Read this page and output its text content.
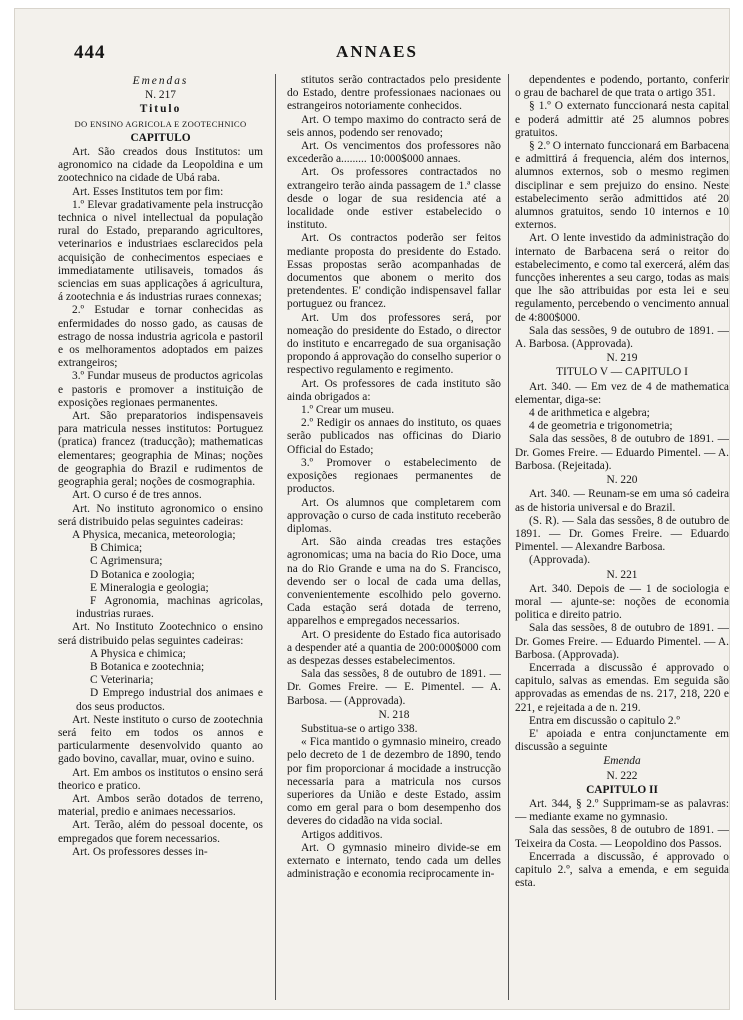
444	ANNAES

Emendas

N. 217

Titulo

DO ENSINO AGRICOLA E ZOOTECHNICO

CAPITULO

Art. São creados dous Institutos: um agronomico na cidade da Leopoldina e um zootechnico na cidade de Ubá raba.

Art. Esses Institutos tem por fim:

1.º Elevar gradativamente pela instrucção technica o nivel intellectual da população rural do Estado, preparando agricultores, veterinarios e industriaes esclarecidos pela acquisição de conhecimentos especiaes e immediatamente utilisaveis, tomados ás sciencias em suas applicações á agricultura, á zootechnia e ás industrias ruraes connexas;

2.º Estudar e tornar conhecidas as enfermidades do nosso gado, as causas de estrago de nossa industria agricola e pastoril e os melhoramentos adoptados em paizes extrangeiros;

3.º Fundar museus de productos agricolas e pastoris e promover a instituição de exposições regionaes permanentes.

Art. São preparatorios indispensaveis para matricula nesses institutos: Portuguez (pratica) francez (traducção); mathematicas elementares; geographia de Minas; noções de geographia do Brazil e rudimentos de geographia geral; noções de cosmographia.

Art. O curso é de tres annos.

Art. No instituto agronomico o ensino será distribuido pelas seguintes cadeiras:

A Physica, mecanica, meteorologia;

B Chimica;

C Agrimensura;

D Botanica e zoologia;

E Mineralogia e geologia;

F Agronomia, machinas agricolas, industrias ruraes.

Art. No Instituto Zootechnico o ensino será distribuido pelas seguintes cadeiras:

A Physica e chimica;

B Botanica e zootechnia;

C Veterinaria;

D Emprego industrial dos animaes e dos seus productos.

Art. Neste instituto o curso de zootechnia será feito em todos os annos e particularmente desenvolvido quanto ao gado bovino, cavallar, muar, ovino e suino.

Art. Em ambos os institutos o ensino será theorico e pratico.

Art. Ambos serão dotados de terreno, material, predio e animaes necessarios.

Art. Terão, além do pessoal docente, os empregados que forem necessarios.

Art. Os professores desses in-

stitutos serão contractados pelo presidente do Estado, dentre professionaes nacionaes ou estrangeiros notoriamente conhecidos.

Art. O tempo maximo do contracto será de seis annos, podendo ser renovado;

Art. Os vencimentos dos professores não excederão a......... 10:000$000 annaes.

Art. Os professores contractados no extrangeiro terão ainda passagem de 1.ª classe desde o logar de sua residencia até a localidade onde estiver estabelecido o instituto.

Art. Os contractos poderão ser feitos mediante proposta do presidente do Estado. Essas propostas serão acompanhadas de documentos que abonem o merito dos pretendentes. E' condição indispensavel fallar portuguez ou francez.

Art. Um dos professores será, por nomeação do presidente do Estado, o director do instituto e encarregado de sua organisação propondo á approvação do conselho superior o respectivo regulamento e regimento.

Art. Os professores de cada instituto são ainda obrigados a:

1.º Crear um museu.

2.º Redigir os annaes do instituto, os quaes serão publicados nas officinas do Diario Official do Estado;

3.º Promover o estabelecimento de exposições regionaes permanentes de productos.

Art. Os alumnos que completarem com approvação o curso de cada instituto receberão diplomas.

Art. São ainda creadas tres estações agronomicas; uma na bacia do Rio Doce, uma na do Rio Grande e uma na do S. Francisco, devendo ser o local de cada uma dellas, convenientemente escolhido pelo governo. Cada estação será dotada de terreno, apparelhos e empregados necessarios.

Art. O presidente do Estado fica autorisado a despender até a quantia de 200:000$000 com as despezas desses estabelecimentos.

Sala das sessões, 8 de outubro de 1891. — Dr. Gomes Freire. — E. Pimentel. — A. Barbosa. — (Approvada).

N. 218

Substitua-se o artigo 338.

« Fica mantido o gymnasio mineiro, creado pelo decreto de 1 de dezembro de 1890, tendo por fim proporcionar á mocidade a instrucção necessaria para a matricula nos cursos superiores da União e deste Estado, assim como em geral para o bom desempenho dos deveres do cidadão na vida social.

Artigos additivos.

Art. O gymnasio mineiro divide-se em externato e internato, tendo cada um delles administração e economia reciprocamente in-

dependentes e podendo, portanto, conferir o grau de bacharel de que trata o artigo 351.

§ 1.º O externato funccionará nesta capital e poderá admittir até 25 alumnos pobres gratuitos.

§ 2.º O internato funccionará em Barbacena e admittirá á frequencia, além dos internos, alumnos externos, sob o mesmo regimen disciplinar e sem prejuizo do ensino. Neste estabelecimento serão admittidos até 20 alumnos gratuitos, sendo 10 internos e 10 externos.

Art. O lente investido da administração do internato de Barbacena será o reitor do estabelecimento, e como tal exercerá, além das funcções inherentes a seu cargo, todas as mais que lhe são attribuidas por esta lei e seu regulamento, percebendo o vencimento annual de 4:800$000.

Sala das sessões, 9 de outubro de 1891. — A. Barbosa. (Approvada).

N. 219

TITULO V — CAPITULO I

Art. 340. — Em vez de 4 de mathematica elementar, diga-se:

4 de arithmetica e algebra;

4 de geometria e trigonometria;

Sala das sessões, 8 de outubro de 1891. — Dr. Gomes Freire. — Eduardo Pimentel. — A. Barbosa. (Rejeitada).

N. 220

Art. 340. — Reunam-se em uma só cadeira as de historia universal e do Brazil.

(S. R). — Sala das sessões, 8 de outubro de 1891. — Dr. Gomes Freire. — Eduardo Pimentel. — Alexandre Barbosa.

(Approvada).

N. 221

Art. 340. Depois de — 1 de sociologia e moral — ajunte-se: noções de economia politica e direito patrio.

Sala das sessões, 8 de outubro de 1891. — Dr. Gomes Freire. — Eduardo Pimentel. — A. Barbosa. (Approvada).

Encerrada a discussão é approvado o capitulo, salvas as emendas. Em seguida são approvadas as emendas de ns. 217, 218, 220 e 221, e rejeitada a de n. 219.

Entra em discussão o capitulo 2.º

E' apoiada e entra conjunctamente em discussão a seguinte

Emenda

N. 222

CAPITULO II

Art. 344, § 2.º Supprimam-se as palavras: — mediante exame no gymnasio.

Sala das sessões, 8 de outubro de 1891. — Teixeira da Costa. — Leopoldino dos Passos.

Encerrada a discussão, é approvado o capitulo 2.º, salva a emenda, e em seguida esta.
